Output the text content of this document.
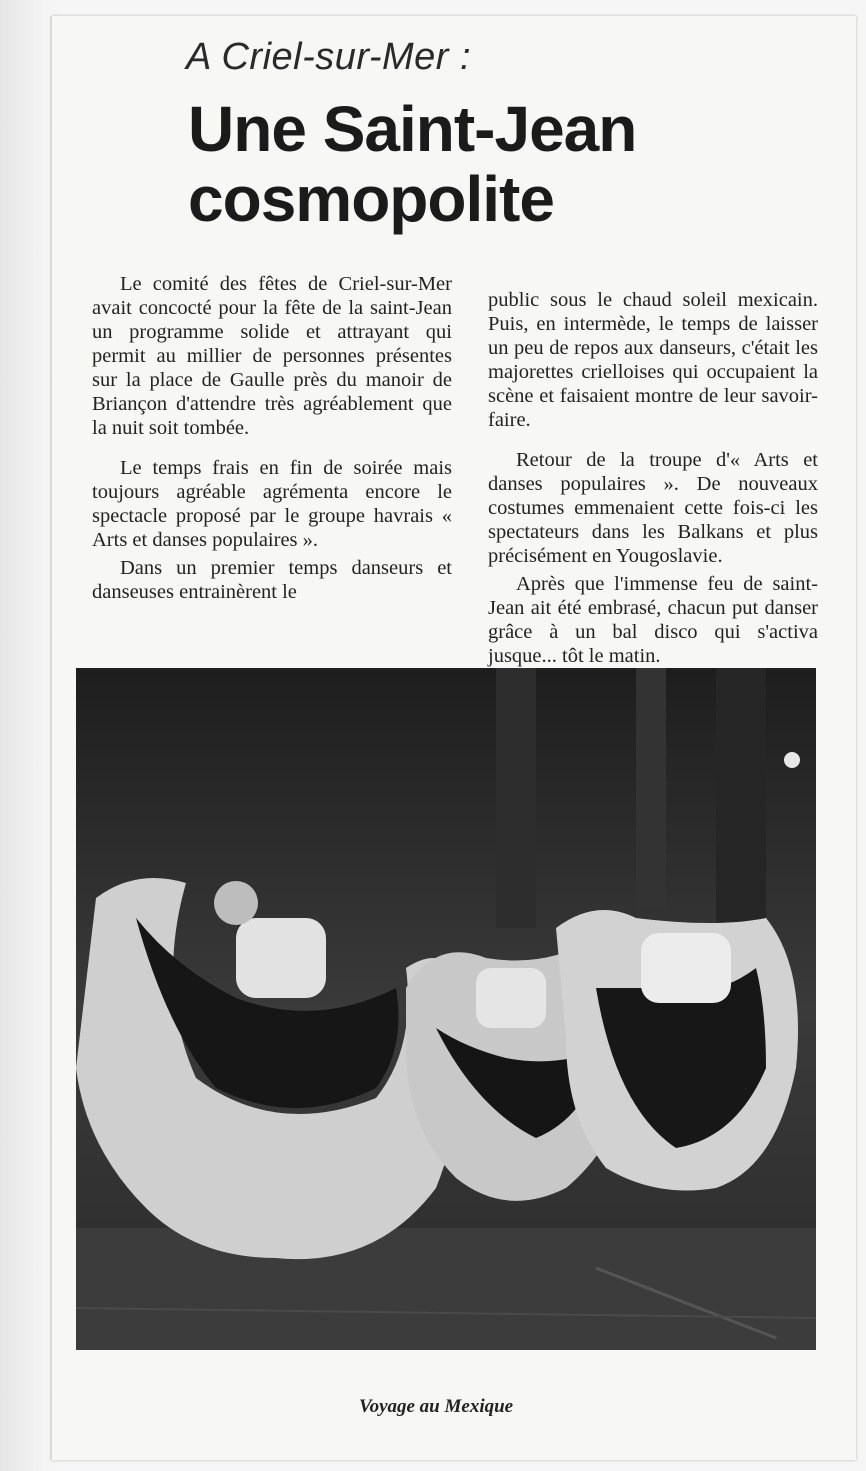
A Criel-sur-Mer :
Une Saint-Jean
cosmopolite

Le comité des fêtes de Criel-sur-Mer avait concocté pour la fête de la saint-Jean un programme solide et attrayant qui permit au millier de personnes présentes sur la place de Gaulle près du manoir de Briançon d'attendre très agréablement que la nuit soit tombée.

Le temps frais en fin de soirée mais toujours agréable agrémenta encore le spectacle proposé par le groupe havrais « Arts et danses populaires ».

Dans un premier temps danseurs et danseuses entrainèrent le

public sous le chaud soleil mexicain. Puis, en intermède, le temps de laisser un peu de repos aux danseurs, c'était les majorettes crielloises qui occupaient la scène et faisaient montre de leur savoir-faire.

Retour de la troupe d'« Arts et danses populaires ». De nouveaux costumes emmenaient cette fois-ci les spectateurs dans les Balkans et plus précisément en Yougoslavie.

Après que l'immense feu de saint-Jean ait été embrasé, chacun put danser grâce à un bal disco qui s'activa jusque... tôt le matin.

Voyage au Mexique
